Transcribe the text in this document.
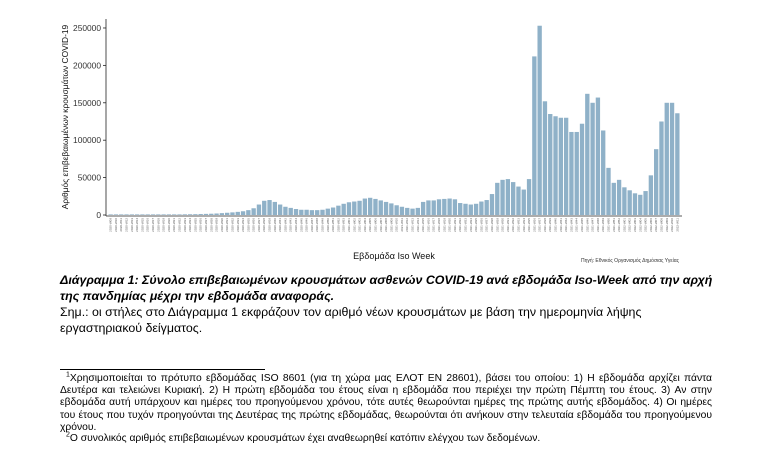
Αριθμός επιβεβαιωμένων κρουσμάτων COVID-19
0
50000
100000
150000
200000
250000
2020-W09 2020-W10 2020-W11 2020-W12 2020-W13 2020-W14 2020-W15 2020-W16 2020-W17 2020-W18 2020-W19 2020-W20 2020-W21 2020-W22 2020-W23 2020-W24 2020-W25 2020-W26 2020-W27 2020-W28 2020-W29 2020-W30 2020-W31 2020-W32 2020-W33 2020-W34 2020-W35 2020-W36 2020-W37 2020-W38 2020-W39 2020-W40 2020-W41 2020-W42 2020-W43 2020-W44 2020-W45 2020-W46 2020-W47 2020-W48 2020-W49 2020-W50 2020-W51 2020-W52 2020-W53 2021-W01 2021-W02 2021-W03 2021-W04 2021-W05 2021-W06 2021-W07 2021-W08 2021-W09 2021-W10 2021-W11 2021-W12 2021-W13 2021-W14 2021-W15 2021-W16 2021-W17 2021-W18 2021-W19 2021-W20 2021-W21 2021-W22 2021-W23 2021-W24 2021-W25 2021-W26 2021-W27 2021-W28 2021-W29 2021-W30 2021-W31 2021-W32 2021-W33 2021-W34 2021-W35 2021-W36 2021-W37 2021-W38 2021-W39 2021-W40 2021-W41 2021-W42 2021-W43 2021-W44 2021-W45 2021-W46 2021-W47 2021-W48 2021-W49 2021-W50 2021-W51 2021-W52 2022-W01 2022-W02 2022-W03 2022-W04 2022-W05 2022-W06 2022-W07 2022-W08 2022-W09 2022-W10 2022-W11
Εβδομάδα Iso Week	Πηγή: Εθνικός Οργανισμός Δημόσιας Υγείας
Διάγραμμα 1: Σύνολο επιβεβαιωμένων κρουσμάτων ασθενών COVID-19 ανά εβδομάδα Iso-Week από την αρχή της πανδημίας μέχρι την εβδομάδα αναφοράς.
Σημ.: οι στήλες στο Διάγραμμα 1 εκφράζουν τον αριθμό νέων κρουσμάτων με βάση την ημερομηνία λήψης εργαστηριακού δείγματος.
$^1$Χρησιμοποιείται το πρότυπο εβδομάδας ISO 8601 (για τη χώρα μας ΕΛΟΤ ΕΝ 28601), βάσει του οποίου: 1) Η εβδομάδα αρχίζει πάντα Δευτέρα και τελειώνει Κυριακή. 2) Η πρώτη εβδομάδα του έτους είναι η εβδομάδα που περιέχει την πρώτη Πέμπτη του έτους. 3) Αν στην εβδομάδα αυτή υπάρχουν και ημέρες του προηγούμενου χρόνου, τότε αυτές θεωρούνται ημέρες της πρώτης αυτής εβδομάδος. 4) Οι ημέρες του έτους που τυχόν προηγούνται της Δευτέρας της πρώτης εβδομάδας, θεωρούνται ότι ανήκουν στην τελευταία εβδομάδα του προηγούμενου χρόνου.
$^2$Ο συνολικός αριθμός επιβεβαιωμένων κρουσμάτων έχει αναθεωρηθεί κατόπιν ελέγχου των δεδομένων.
